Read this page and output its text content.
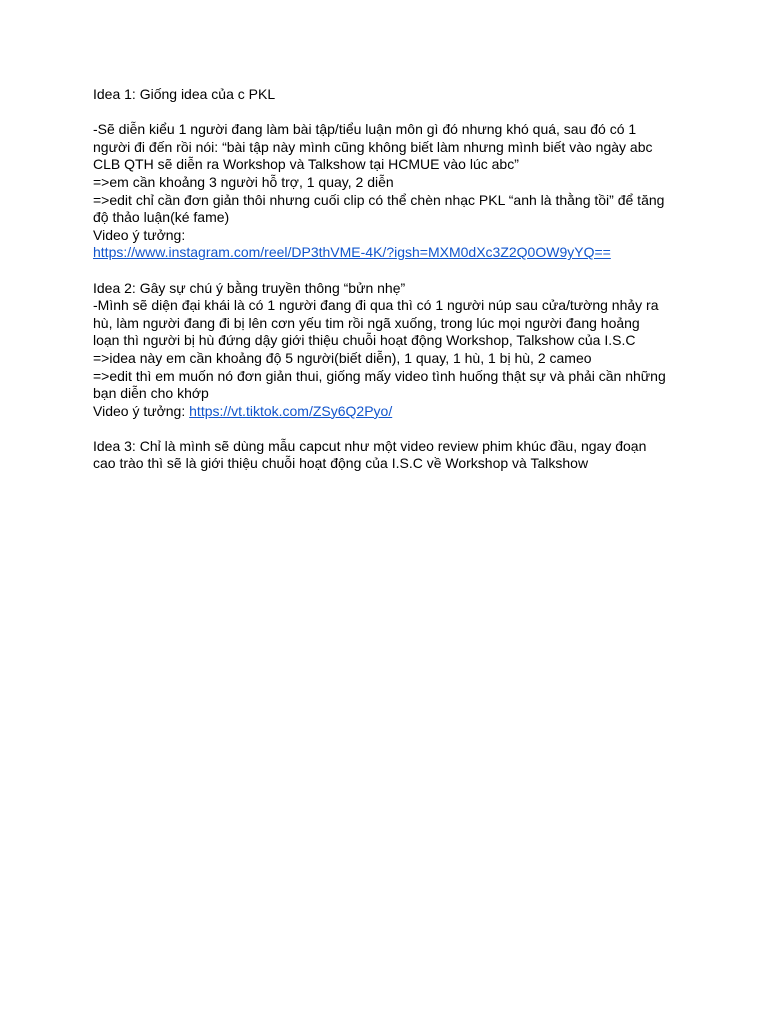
Idea 1: Giống idea của c PKL
-Sẽ diễn kiểu 1 người đang làm bài tập/tiểu luận môn gì đó nhưng khó quá, sau đó có 1
người đi đến rồi nói: “bài tập này mình cũng không biết làm nhưng mình biết vào ngày abc
CLB QTH sẽ diễn ra Workshop và Talkshow tại HCMUE vào lúc abc”
=>em cần khoảng 3 người hỗ trợ, 1 quay, 2 diễn
=>edit chỉ cần đơn giản thôi nhưng cuối clip có thể chèn nhạc PKL “anh là thằng tồi” để tăng
độ thảo luận(ké fame)
Video ý tưởng:
https://www.instagram.com/reel/DP3thVME-4K/?igsh=MXM0dXc3Z2Q0OW9yYQ==
Idea 2: Gây sự chú ý bằng truyền thông “bửn nhẹ”
-Mình sẽ diện đại khái là có 1 người đang đi qua thì có 1 người núp sau cửa/tường nhảy ra
hù, làm người đang đi bị lên cơn yếu tim rồi ngã xuống, trong lúc mọi người đang hoảng
loạn thì người bị hù đứng dậy giới thiệu chuỗi hoạt động Workshop, Talkshow của I.S.C
=>idea này em cần khoảng độ 5 người(biết diễn), 1 quay, 1 hù, 1 bị hù, 2 cameo
=>edit thì em muốn nó đơn giản thui, giống mấy video tình huống thật sự và phải cần những
bạn diễn cho khớp
Video ý tưởng: https://vt.tiktok.com/ZSy6Q2Pyo/
Idea 3: Chỉ là mình sẽ dùng mẫu capcut như một video review phim khúc đầu, ngay đoạn
cao trào thì sẽ là giới thiệu chuỗi hoạt động của I.S.C về Workshop và Talkshow
